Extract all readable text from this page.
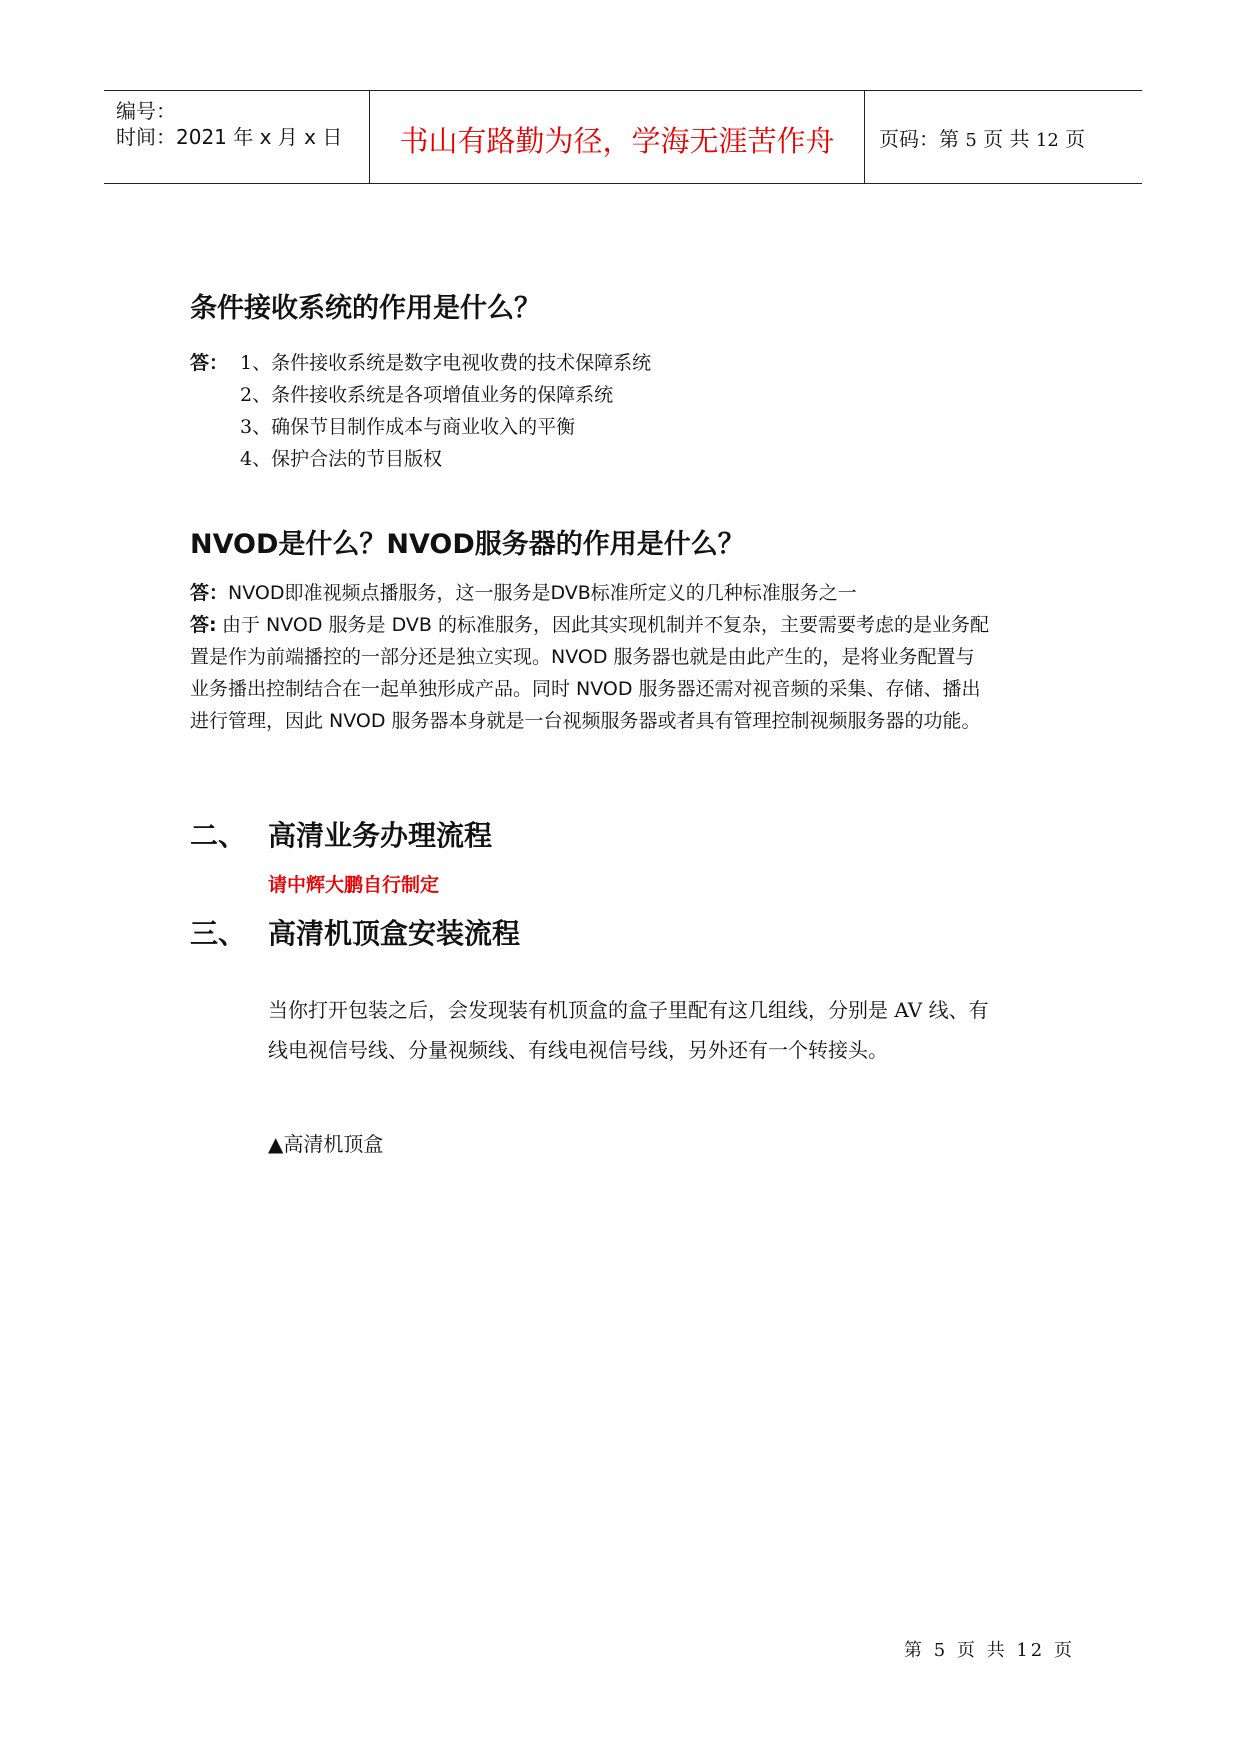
编号：
时间：2021 年 x 月 x 日	书山有路勤为径，学海无涯苦作舟	页码：第 5 页 共 12 页
条件接收系统的作用是什么？
答： 1、条件接收系统是数字电视收费的技术保障系统
2、条件接收系统是各项增值业务的保障系统
3、确保节目制作成本与商业收入的平衡
4、保护合法的节目版权
NVOD是什么？NVOD服务器的作用是什么？
答：NVOD即准视频点播服务，这一服务是DVB标准所定义的几种标准服务之一
答: 由于 NVOD 服务是 DVB 的标准服务，因此其实现机制并不复杂，主要需要考虑的是业务配
置是作为前端播控的一部分还是独立实现。NVOD 服务器也就是由此产生的，是将业务配置与
业务播出控制结合在一起单独形成产品。同时 NVOD 服务器还需对视音频的采集、存储、播出
进行管理，因此 NVOD 服务器本身就是一台视频服务器或者具有管理控制视频服务器的功能。
二、 高清业务办理流程
请中辉大鹏自行制定
三、 高清机顶盒安装流程
当你打开包装之后，会发现装有机顶盒的盒子里配有这几组线，分别是 AV 线、有
线电视信号线、分量视频线、有线电视信号线，另外还有一个转接头。
▲高清机顶盒
第 5 页 共 12 页
